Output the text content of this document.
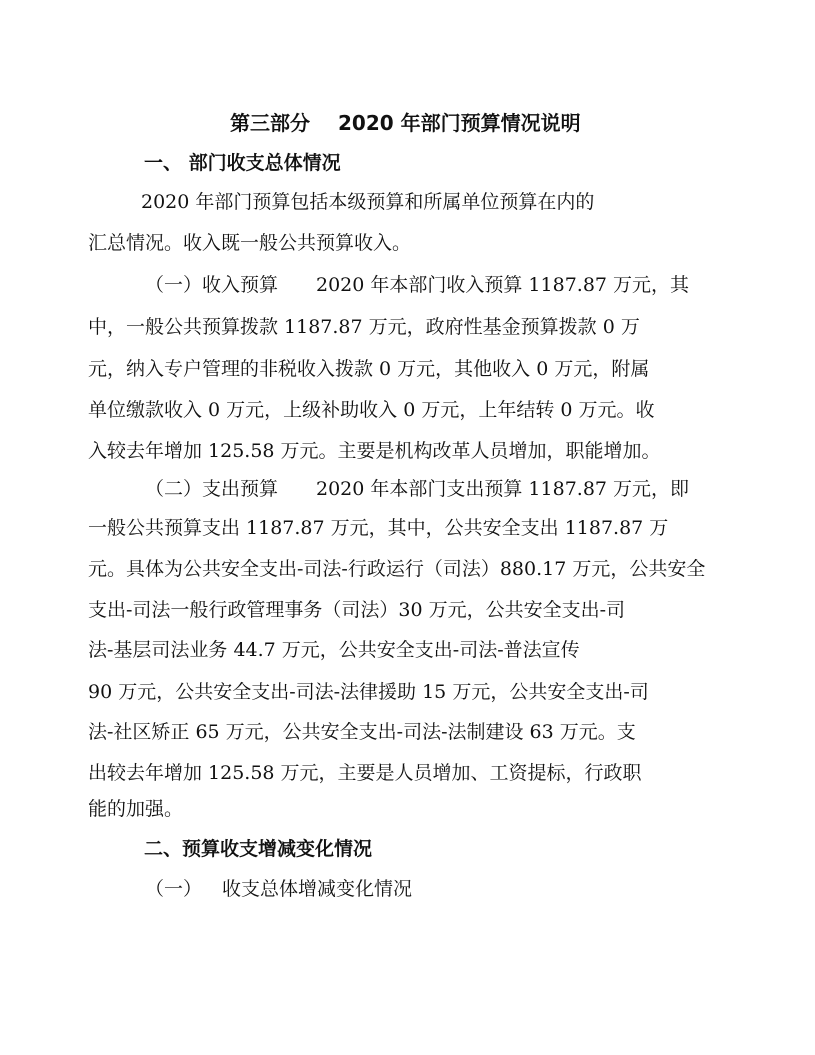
第三部分 2020 年部门预算情况说明
一、 部门收支总体情况
2020 年部门预算包括本级预算和所属单位预算在内的
汇总情况。收入既一般公共预算收入。
（一）收入预算　　2020 年本部门收入预算 1187.87 万元，其
中，一般公共预算拨款 1187.87 万元，政府性基金预算拨款 0 万
元，纳入专户管理的非税收入拨款 0 万元，其他收入 0 万元，附属
单位缴款收入 0 万元，上级补助收入 0 万元，上年结转 0 万元。收
入较去年增加 125.58 万元。主要是机构改革人员增加，职能增加。
（二）支出预算　　2020 年本部门支出预算 1187.87 万元，即
一般公共预算支出 1187.87 万元，其中，公共安全支出 1187.87 万
元。具体为公共安全支出-司法-行政运行（司法）880.17 万元，公共安全
支出-司法一般行政管理事务（司法）30 万元，公共安全支出-司
法-基层司法业务 44.7 万元，公共安全支出-司法-普法宣传
90 万元，公共安全支出-司法-法律援助 15 万元，公共安全支出-司
法-社区矫正 65 万元，公共安全支出-司法-法制建设 63 万元。支
出较去年增加 125.58 万元，主要是人员增加、工资提标，行政职
能的加强。
二、预算收支增减变化情况
（一） 收支总体增减变化情况
